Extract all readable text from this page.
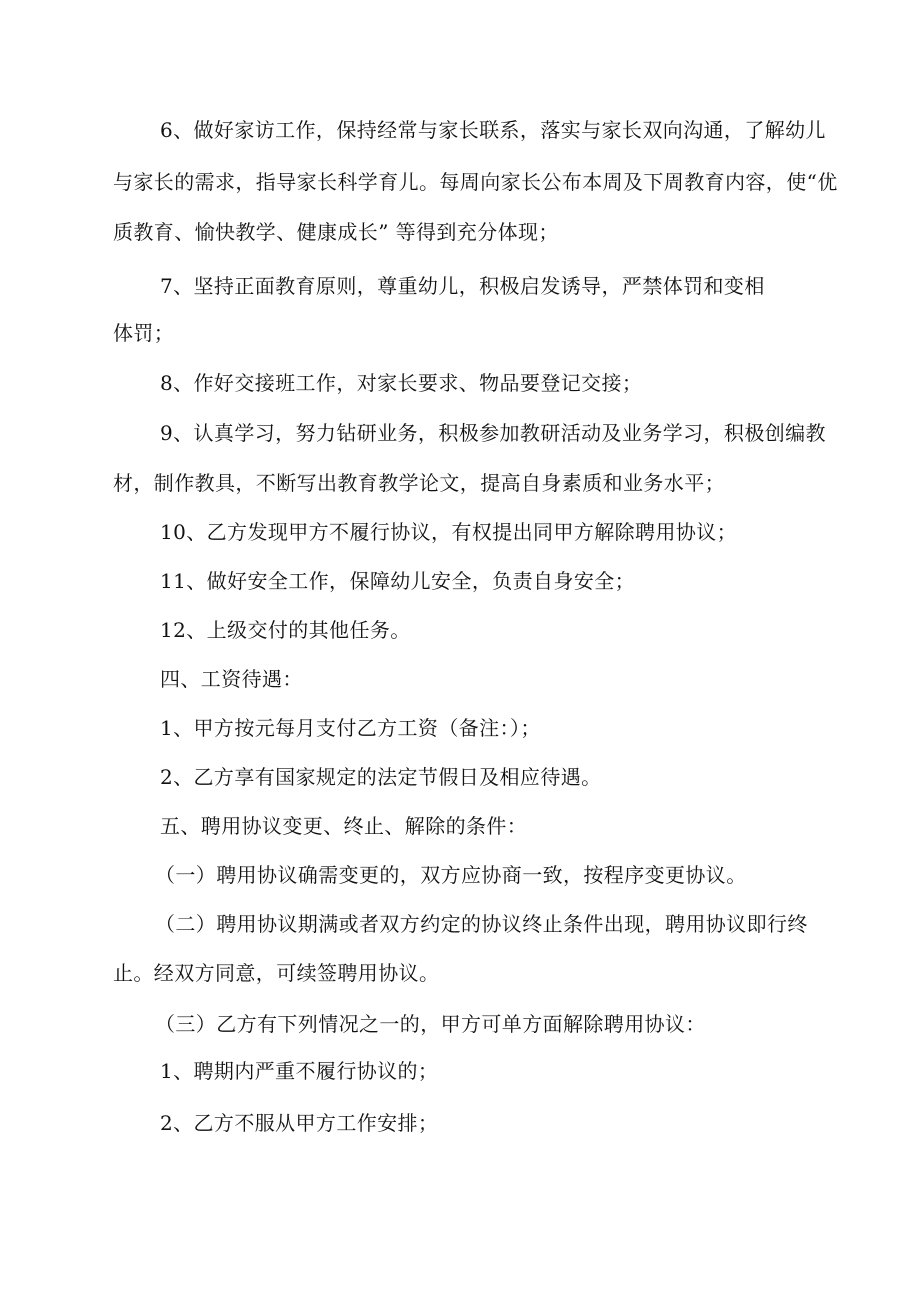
6、做好家访工作，保持经常与家长联系，落实与家长双向沟通，了解幼儿
与家长的需求，指导家长科学育儿。每周向家长公布本周及下周教育内容，使“优
质教育、愉快教学、健康成长” 等得到充分体现；
7、坚持正面教育原则，尊重幼儿，积极启发诱导，严禁体罚和变相
体罚；
8、作好交接班工作，对家长要求、物品要登记交接；
9、认真学习，努力钻研业务，积极参加教研活动及业务学习，积极创编教
材，制作教具，不断写出教育教学论文，提高自身素质和业务水平；
10、乙方发现甲方不履行协议，有权提出同甲方解除聘用协议；
11、做好安全工作，保障幼儿安全，负责自身安全；
12、上级交付的其他任务。
四、工资待遇：
1、甲方按元每月支付乙方工资（备注：）；
2、乙方享有国家规定的法定节假日及相应待遇。
五、聘用协议变更、终止、解除的条件：
（一）聘用协议确需变更的，双方应协商一致，按程序变更协议。
（二）聘用协议期满或者双方约定的协议终止条件出现，聘用协议即行终
止。经双方同意，可续签聘用协议。
（三）乙方有下列情况之一的，甲方可单方面解除聘用协议：
1、聘期内严重不履行协议的；
2、乙方不服从甲方工作安排；
